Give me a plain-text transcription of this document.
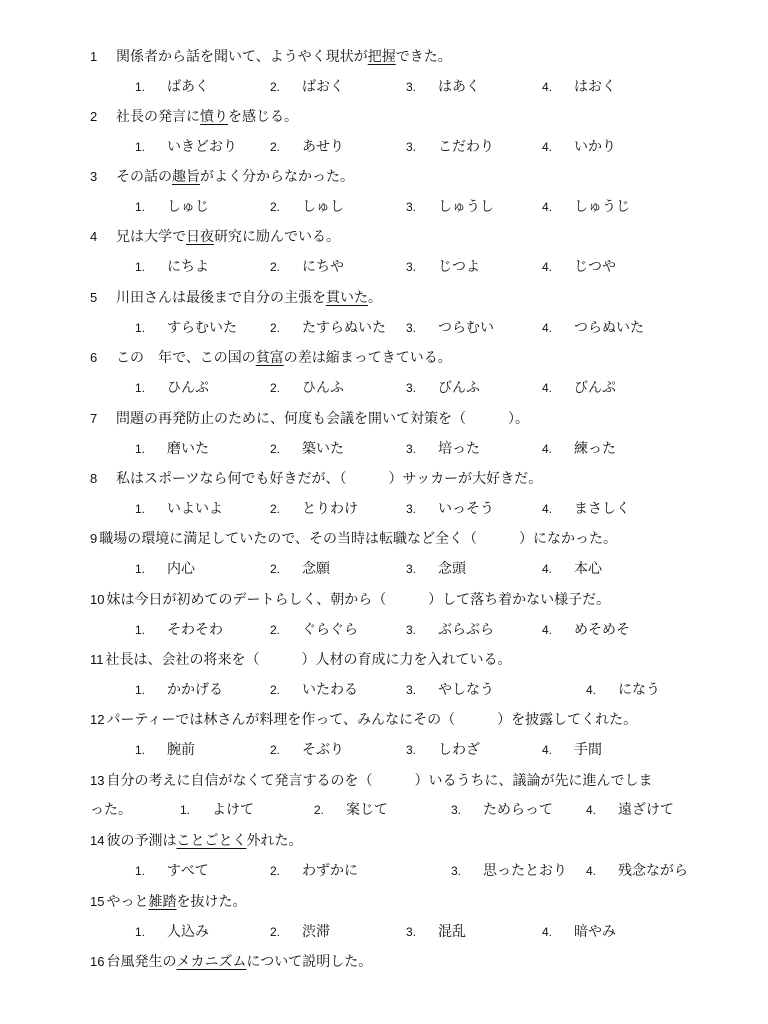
1 関係者から話を聞いて、ようやく現状が把握できた。
1. ばあく	2. ばおく	3. はあく	4. はおく
2 社長の発言に憤りを感じる。
1. いきどおり	2. あせり	3. こだわり	4. いかり
3 その話の趣旨がよく分からなかった。
1. しゅじ	2. しゅし	3. しゅうし	4. しゅうじ
4 兄は大学で日夜研究に励んでいる。
1. にちよ	2. にちや	3. じつよ	4. じつや
5 川田さんは最後まで自分の主張を貫いた。
1. すらむいた	2. たすらぬいた 3. つらむい	4. つらぬいた
6 この　年で、この国の貧富の差は縮まってきている。
1. ひんぷ	2. ひんふ	3. びんふ	4. びんぷ
7 問題の再発防止のために、何度も会議を開いて対策を（　　　）。
1. 磨いた	2. 築いた	3. 培った	4. 練った
8 私はスポーツなら何でも好きだが、（　　　）サッカーが大好きだ。
1. いよいよ	2. とりわけ	3. いっそう	4. まさしく
9 職場の環境に満足していたので、その当時は転職など全く（　　　）になかった。
1. 内心	2. 念願	3. 念頭	4. 本心
10 妹は今日が初めてのデートらしく、朝から（　　　）して落ち着かない様子だ。
1. そわそわ	2. ぐらぐら	3. ぶらぶら	4. めそめそ
11 社長は、会社の将来を（　　　）人材の育成に力を入れている。
1. かかげる	2. いたわる	3. やしなう	4. になう
12 パーティーでは林さんが料理を作って、みんなにその（　　　）を披露してくれた。
1. 腕前	2. そぶり	3. しわざ	4. 手間
13 自分の考えに自信がなくて発言するのを（　　　）いるうちに、議論が先に進んでしま
った。	1. よけて	2. 案じて	3. ためらって	4. 遠ざけて
14 彼の予測はことごとく外れた。
1. すべて	2. わずかに	3. 思ったとおり 4. 残念ながら
15 やっと雑踏を抜けた。
1. 人込み	2. 渋滞	3. 混乱	4. 暗やみ
16 台風発生のメカニズムについて説明した。
